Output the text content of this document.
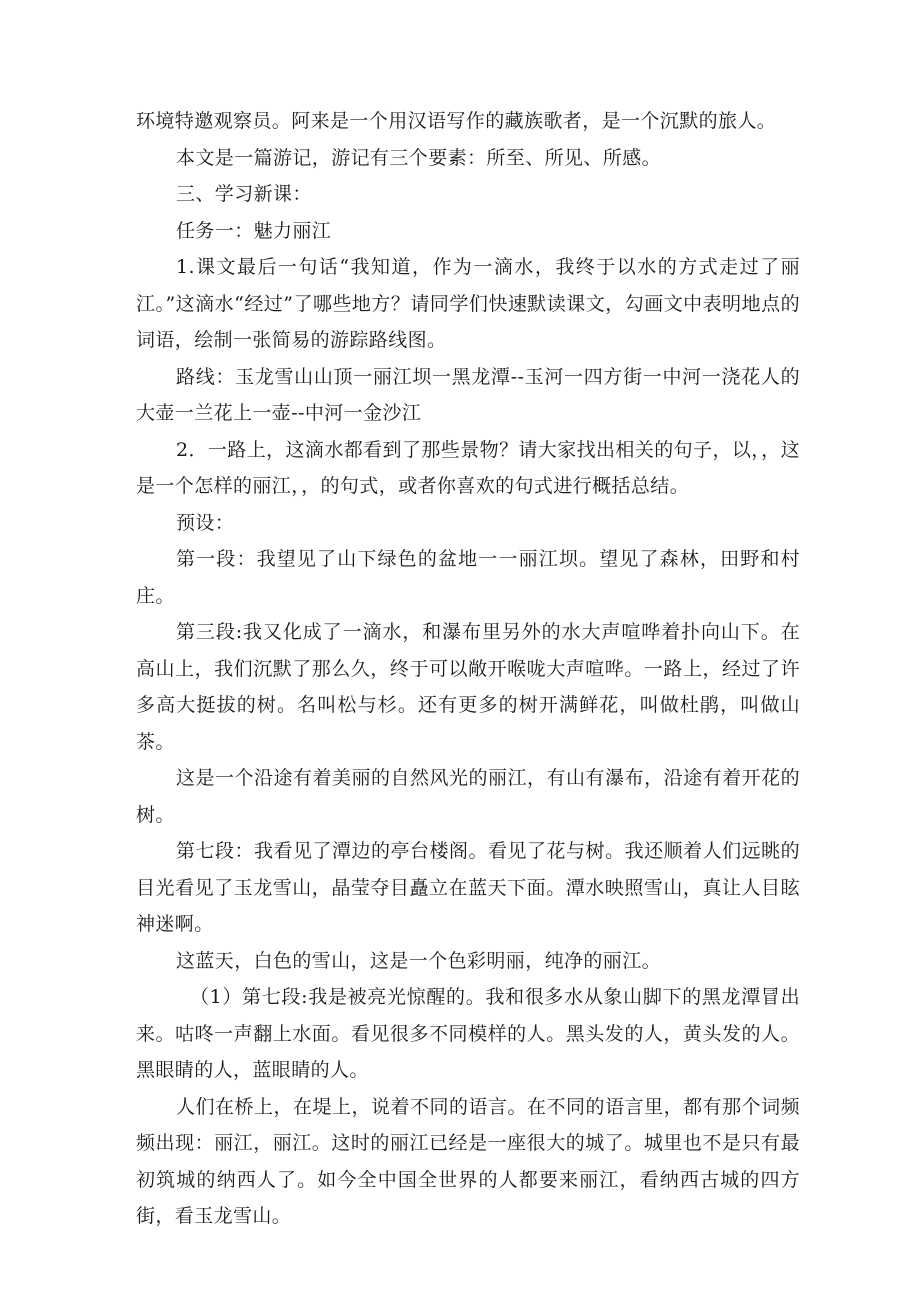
环境特邀观察员。阿来是一个用汉语写作的藏族歌者，是一个沉默的旅人。

本文是一篇游记，游记有三个要素：所至、所见、所感。

三、学习新课：

任务一：魅力丽江

1.课文最后一句话“我知道，作为一滴水，我终于以水的方式走过了丽江。”这滴水“经过”了哪些地方？请同学们快速默读课文，勾画文中表明地点的词语，绘制一张简易的游踪路线图。

路线：玉龙雪山山顶一丽江坝一黑龙潭--玉河一四方街一中河一浇花人的大壶一兰花上一壶--中河一金沙江

2．一路上，这滴水都看到了那些景物？请大家找出相关的句子，以，，这是一个怎样的丽江，，的句式，或者你喜欢的句式进行概括总结。

预设：

第一段：我望见了山下绿色的盆地一一丽江坝。望见了森林，田野和村庄。

第三段:我又化成了一滴水，和瀑布里另外的水大声喧哗着扑向山下。在高山上，我们沉默了那么久，终于可以敞开喉咙大声喧哗。一路上，经过了许多高大挺拔的树。名叫松与杉。还有更多的树开满鲜花，叫做杜鹃，叫做山茶。

这是一个沿途有着美丽的自然风光的丽江，有山有瀑布，沿途有着开花的树。

第七段：我看见了潭边的亭台楼阁。看见了花与树。我还顺着人们远眺的目光看见了玉龙雪山，晶莹夺目矗立在蓝天下面。潭水映照雪山，真让人目眩神迷啊。

这蓝天，白色的雪山，这是一个色彩明丽，纯净的丽江。

（1）第七段:我是被亮光惊醒的。我和很多水从象山脚下的黑龙潭冒出来。咕咚一声翻上水面。看见很多不同模样的人。黑头发的人，黄头发的人。黑眼睛的人，蓝眼睛的人。

人们在桥上，在堤上，说着不同的语言。在不同的语言里，都有那个词频频出现：丽江，丽江。这时的丽江已经是一座很大的城了。城里也不是只有最初筑城的纳西人了。如今全中国全世界的人都要来丽江，看纳西古城的四方街，看玉龙雪山。
